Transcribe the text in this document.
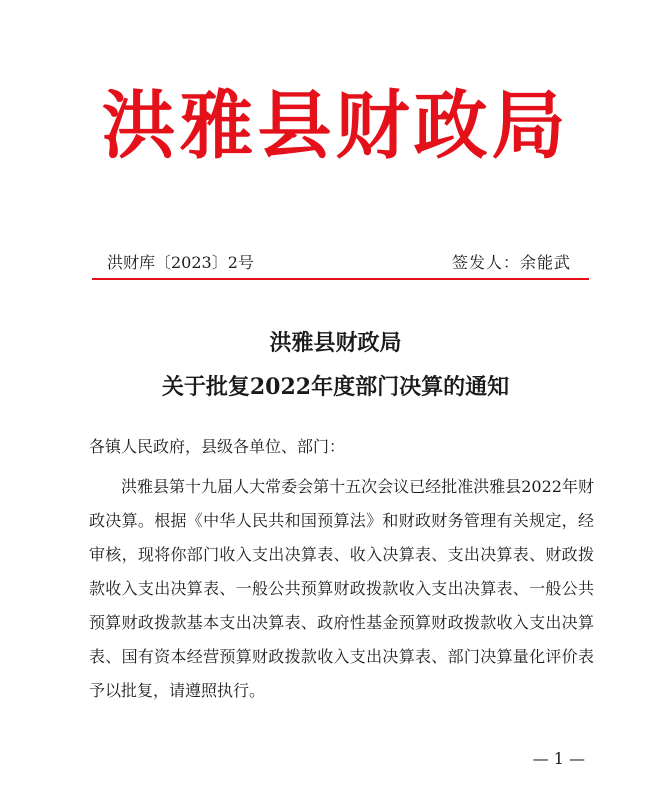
洪雅县财政局
洪财库〔2023〕2号	签发人：余能武
洪雅县财政局
关于批复2022年度部门决算的通知
各镇人民政府，县级各单位、部门：

洪雅县第十九届人大常委会第十五次会议已经批准洪雅县2022年财政决算。根据《中华人民共和国预算法》和财政财务管理有关规定，经审核，现将你部门收入支出决算表、收入决算表、支出决算表、财政拨款收入支出决算表、一般公共预算财政拨款收入支出决算表、一般公共预算财政拨款基本支出决算表、政府性基金预算财政拨款收入支出决算表、国有资本经营预算财政拨款收入支出决算表、部门决算量化评价表予以批复，请遵照执行。

— 1 —
